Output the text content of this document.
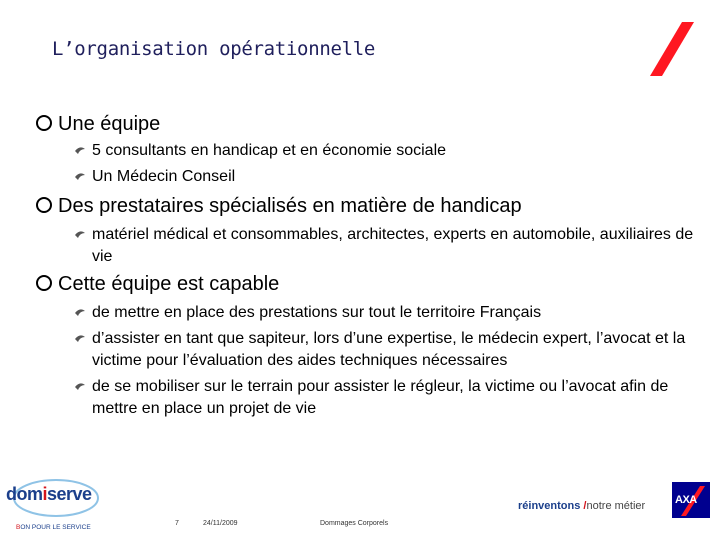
L’organisation opérationnelle
Une équipe
5 consultants en handicap et en économie sociale
Un Médecin Conseil
Des prestataires spécialisés en matière de handicap
matériel médical et consommables, architectes, experts en automobile, auxiliaires de vie
Cette équipe est capable
de mettre en place des prestations sur tout le territoire Français
d’assister en tant que sapiteur, lors d’une expertise, le médecin expert, l’avocat et la victime pour l’évaluation des aides techniques nécessaires
de se mobiliser sur le terrain pour assister le régleur, la victime ou l’avocat afin de mettre en place un projet de vie
domiserve
BON POUR LE SERVICE
7	24/11/2009	Dommages Corporels
réinventons /notre métier	AXA
